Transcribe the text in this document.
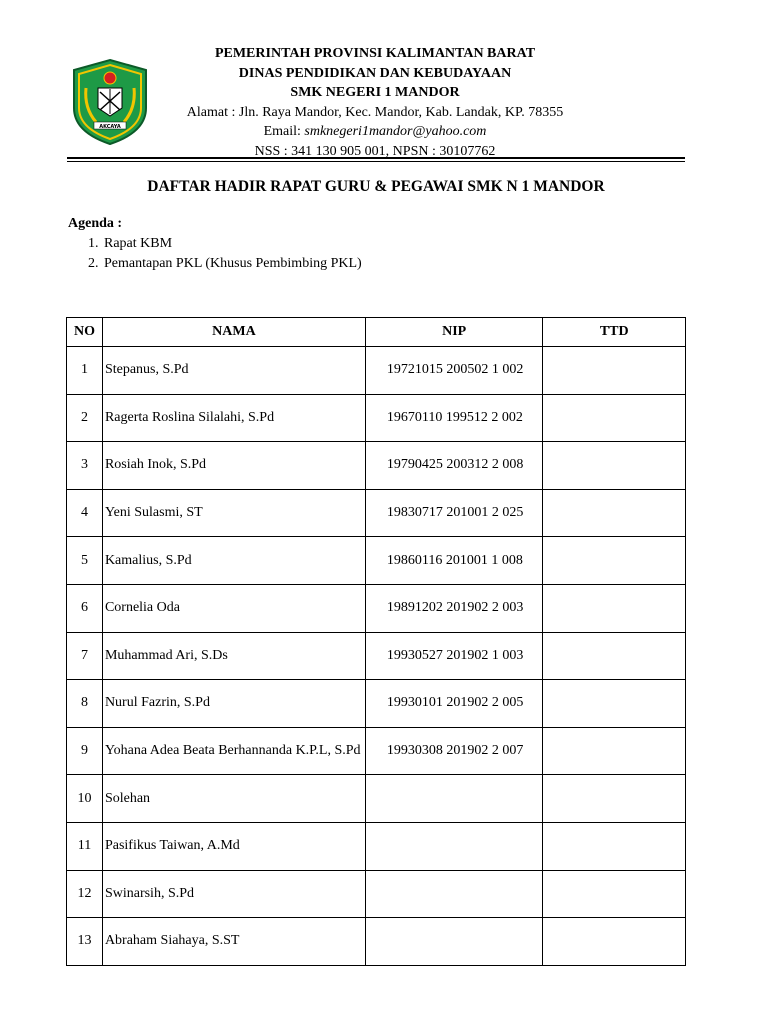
AKCAYA
PEMERINTAH PROVINSI KALIMANTAN BARAT
DINAS PENDIDIKAN DAN KEBUDAYAAN
SMK NEGERI 1 MANDOR
Alamat : Jln. Raya Mandor, Kec. Mandor, Kab. Landak, KP. 78355
Email: smknegeri1mandor@yahoo.com
NSS : 341 130 905 001, NPSN : 30107762
DAFTAR HADIR RAPAT GURU & PEGAWAI SMK N 1 MANDOR
Agenda :
1. Rapat KBM
2. Pemantapan PKL (Khusus Pembimbing PKL)
NO	NAMA	NIP	TTD
1	Stepanus, S.Pd	19721015 200502 1 002	
2	Ragerta Roslina Silalahi, S.Pd	19670110 199512 2 002	
3	Rosiah Inok, S.Pd	19790425 200312 2 008	
4	Yeni Sulasmi, ST	19830717 201001 2 025	
5	Kamalius, S.Pd	19860116 201001 1 008	
6	Cornelia Oda	19891202 201902 2 003	
7	Muhammad Ari, S.Ds	19930527 201902 1 003	
8	Nurul Fazrin, S.Pd	19930101 201902 2 005	
9	Yohana Adea Beata Berhannanda K.P.L, S.Pd	19930308 201902 2 007	
10	Solehan		
11	Pasifikus Taiwan, A.Md		
12	Swinarsih, S.Pd		
13	Abraham Siahaya, S.ST		
